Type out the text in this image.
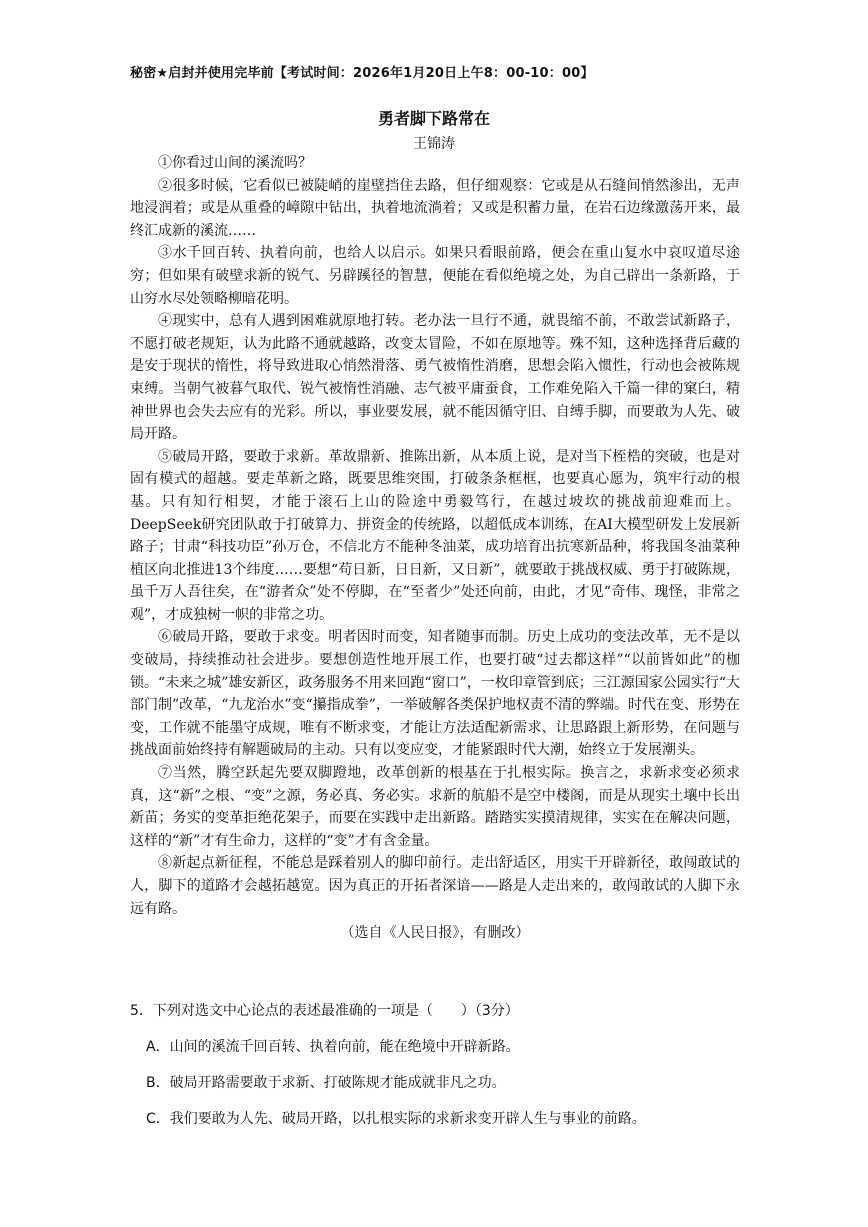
秘密★启封并使用完毕前【考试时间：2026年1月20日上午8：00-10：00】
勇者脚下路常在
王锦涛

①你看过山间的溪流吗？

②很多时候，它看似已被陡峭的崖壁挡住去路，但仔细观察：它或是从石缝间悄然渗出，无声地浸润着；或是从重叠的嶂隙中钻出，执着地流淌着；又或是积蓄力量，在岩石边缘激荡开来，最终汇成新的溪流……

③水千回百转、执着向前，也给人以启示。如果只看眼前路，便会在重山复水中哀叹道尽途穷；但如果有破壁求新的锐气、另辟蹊径的智慧，便能在看似绝境之处，为自己辟出一条新路，于山穷水尽处领略柳暗花明。

④现实中，总有人遇到困难就原地打转。老办法一旦行不通，就畏缩不前，不敢尝试新路子，不愿打破老规矩，认为此路不通就越路，改变太冒险，不如在原地等。殊不知，这种选择背后藏的是安于现状的惰性，将导致进取心悄然滑落、勇气被惰性消磨，思想会陷入惯性，行动也会被陈规束缚。当朝气被暮气取代、锐气被惰性消融、志气被平庸蚕食，工作难免陷入千篇一律的窠臼，精神世界也会失去应有的光彩。所以，事业要发展，就不能因循守旧、自缚手脚，而要敢为人先、破局开路。

⑤破局开路，要敢于求新。革故鼎新、推陈出新，从本质上说，是对当下桎梏的突破，也是对固有模式的超越。要走革新之路，既要思维突围，打破条条框框，也要真心愿为，筑牢行动的根基。只有知行相契，才能于滚石上山的险途中勇毅笃行，在越过坡坎的挑战前迎难而上。DeepSeek研究团队敢于打破算力、拼资金的传统路，以超低成本训练，在AI大模型研发上发展新路子；甘肃“科技功臣”孙万仓，不信北方不能种冬油菜，成功培育出抗寒新品种，将我国冬油菜种植区向北推进13个纬度……要想“苟日新，日日新，又日新”，就要敢于挑战权威、勇于打破陈规，虽千万人吾往矣，在“游者众”处不停脚，在“至者少”处还向前，由此，才见“奇伟、瑰怪，非常之观”，才成独树一帜的非常之功。

⑥破局开路，要敢于求变。明者因时而变，知者随事而制。历史上成功的变法改革，无不是以变破局，持续推动社会进步。要想创造性地开展工作，也要打破“过去都这样”“以前皆如此”的枷锁。“未来之城”雄安新区，政务服务不用来回跑“窗口”，一枚印章管到底；三江源国家公园实行“大部门制”改革，“九龙治水”变“攥指成拳”，一举破解各类保护地权责不清的弊端。时代在变、形势在变，工作就不能墨守成规，唯有不断求变，才能让方法适配新需求、让思路跟上新形势，在问题与挑战面前始终持有解题破局的主动。只有以变应变，才能紧跟时代大潮，始终立于发展潮头。

⑦当然，腾空跃起先要双脚蹬地，改革创新的根基在于扎根实际。换言之，求新求变必须求真，这“新”之根、“变”之源，务必真、务必实。求新的航船不是空中楼阁，而是从现实土壤中长出新苗；务实的变革拒绝花架子，而要在实践中走出新路。踏踏实实摸清规律，实实在在解决问题，这样的“新”才有生命力，这样的“变”才有含金量。

⑧新起点新征程，不能总是踩着别人的脚印前行。走出舒适区，用实干开辟新径，敢闯敢试的人，脚下的道路才会越拓越宽。因为真正的开拓者深谙——路是人走出来的，敢闯敢试的人脚下永远有路。

（选自《人民日报》，有删改）

5．下列对选文中心论点的表述最准确的一项是（　　）（3分）

A．山间的溪流千回百转、执着向前，能在绝境中开辟新路。

B．破局开路需要敢于求新、打破陈规才能成就非凡之功。

C．我们要敢为人先、破局开路，以扎根实际的求新求变开辟人生与事业的前路。
